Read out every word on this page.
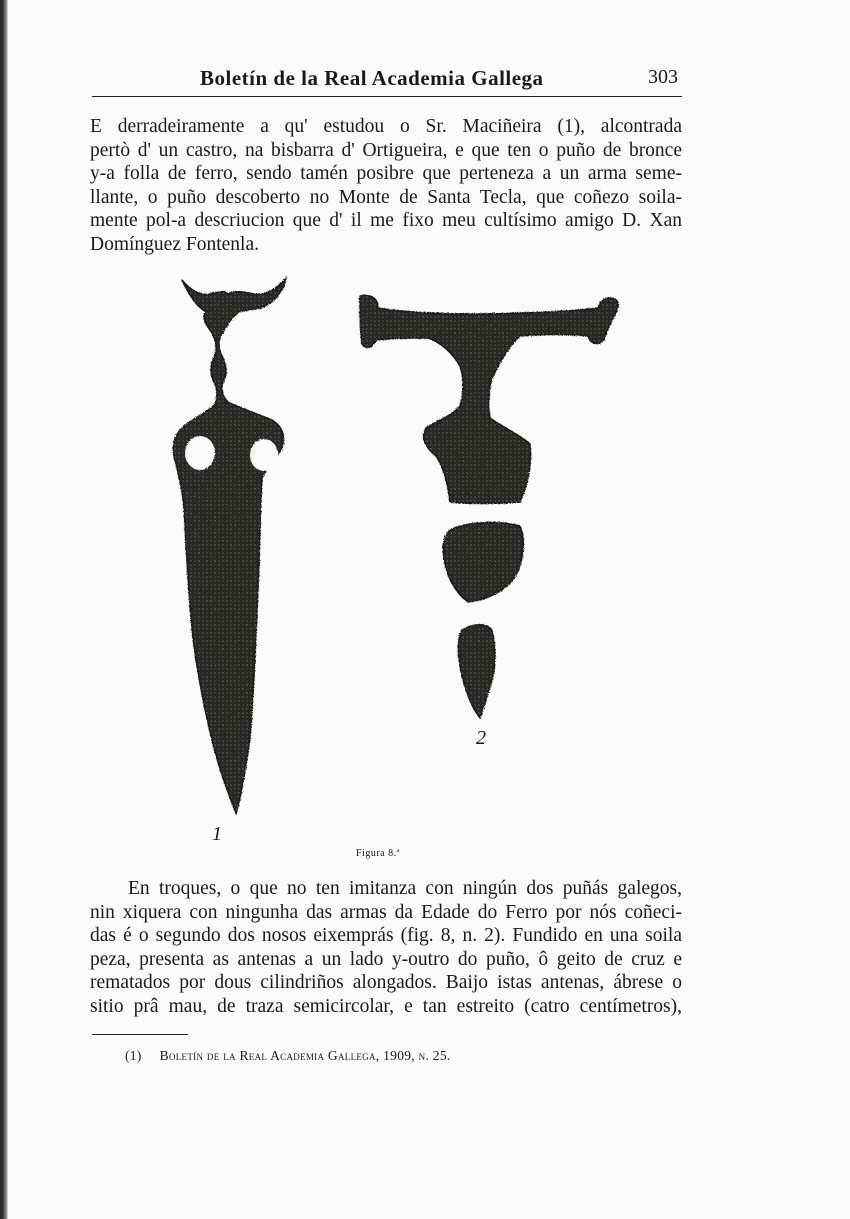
Boletín de la Real Academia Gallega	303
E derradeiramente a qu' estudou o Sr. Maciñeira (1), alcontrada
pertò d' un castro, na bisbarra d' Ortigueira, e que ten o puño de bronce
y-a folla de ferro, sendo tamén posibre que perteneza a un arma seme-
llante, o puño descoberto no Monte de Santa Tecla, que coñezo soila-
mente pol-a descriucion que d' il me fixo meu cultísimo amigo D. Xan
Domínguez Fontenla.
1
2
Figura 8.ª
En troques, o que no ten imitanza con ningún dos puñás galegos,
nin xiquera con ningunha das armas da Edade do Ferro por nós coñeci-
das é o segundo dos nosos eixemprás (fig. 8, n. 2). Fundido en una soila
peza, presenta as antenas a un lado y-outro do puño, ô geito de cruz e
rematados por dous cilindriños alongados. Baijo istas antenas, ábrese o
sitio prâ mau, de traza semicircolar, e tan estreito (catro centímetros),
(1) Boletín de la Real Academia Gallega, 1909, n. 25.
